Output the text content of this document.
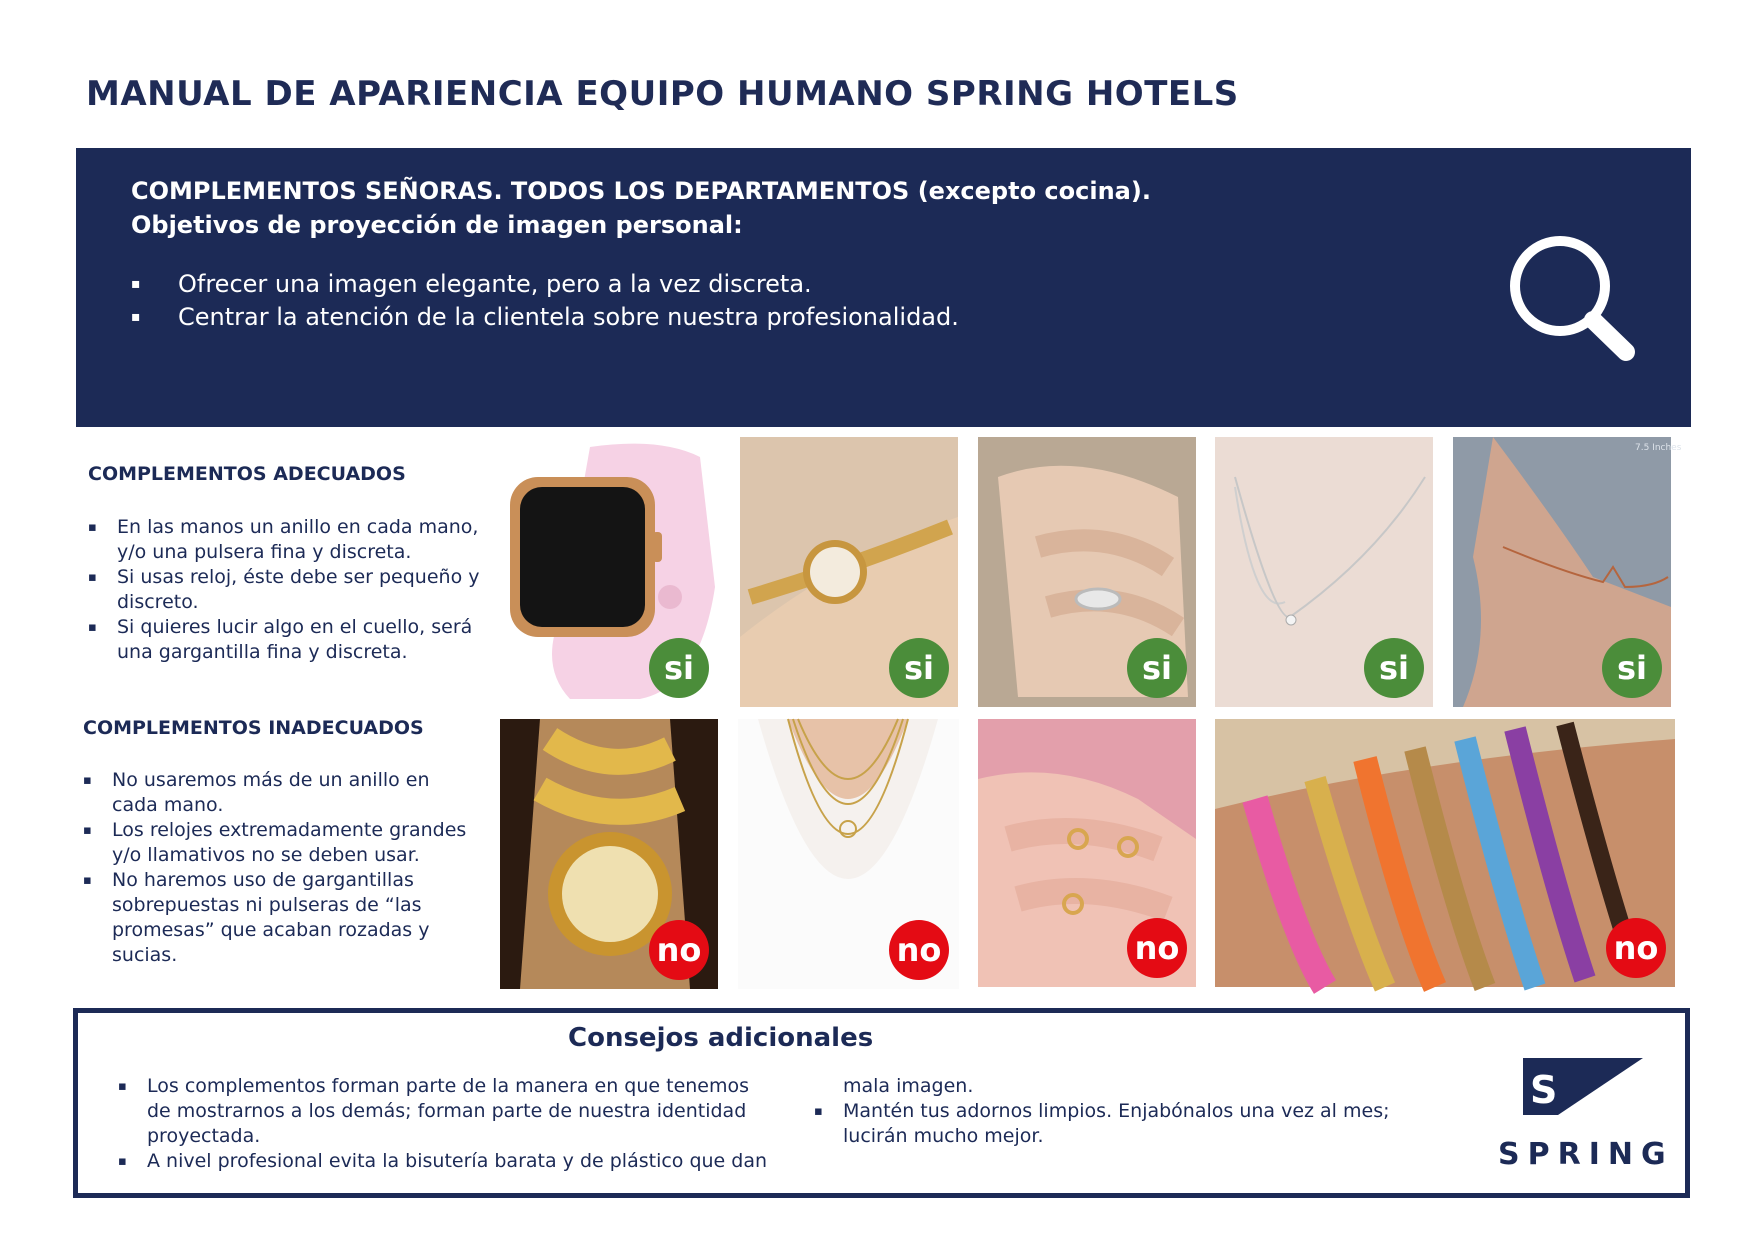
MANUAL DE APARIENCIA EQUIPO HUMANO SPRING HOTELS
COMPLEMENTOS SEÑORAS. TODOS LOS DEPARTAMENTOS (excepto cocina).
Objetivos de proyección de imagen personal:
▪ Ofrecer una imagen elegante, pero a la vez discreta.
▪ Centrar la atención de la clientela sobre nuestra profesionalidad.
COMPLEMENTOS ADECUADOS
▪ En las manos un anillo en cada mano, y/o una pulsera fina y discreta.
▪ Si usas reloj, éste debe ser pequeño y discreto.
▪ Si quieres lucir algo en el cuello, será una gargantilla fina y discreta.
COMPLEMENTOS INADECUADOS
▪ No usaremos más de un anillo en cada mano.
▪ Los relojes extremadamente grandes y/o llamativos no se deben usar.
▪ No haremos uso de gargantillas sobrepuestas ni pulseras de “las promesas” que acaban rozadas y sucias.
si	si	si	si
7.5 Inches
si
no	no	no	no
Consejos adicionales
▪ Los complementos forman parte de la manera en que tenemos de mostrarnos a los demás; forman parte de nuestra identidad proyectada.
▪ A nivel profesional evita la bisutería barata y de plástico que dan
mala imagen.
▪ Mantén tus adornos limpios. Enjabónalos una vez al mes; lucirán mucho mejor.
S
SPRING
